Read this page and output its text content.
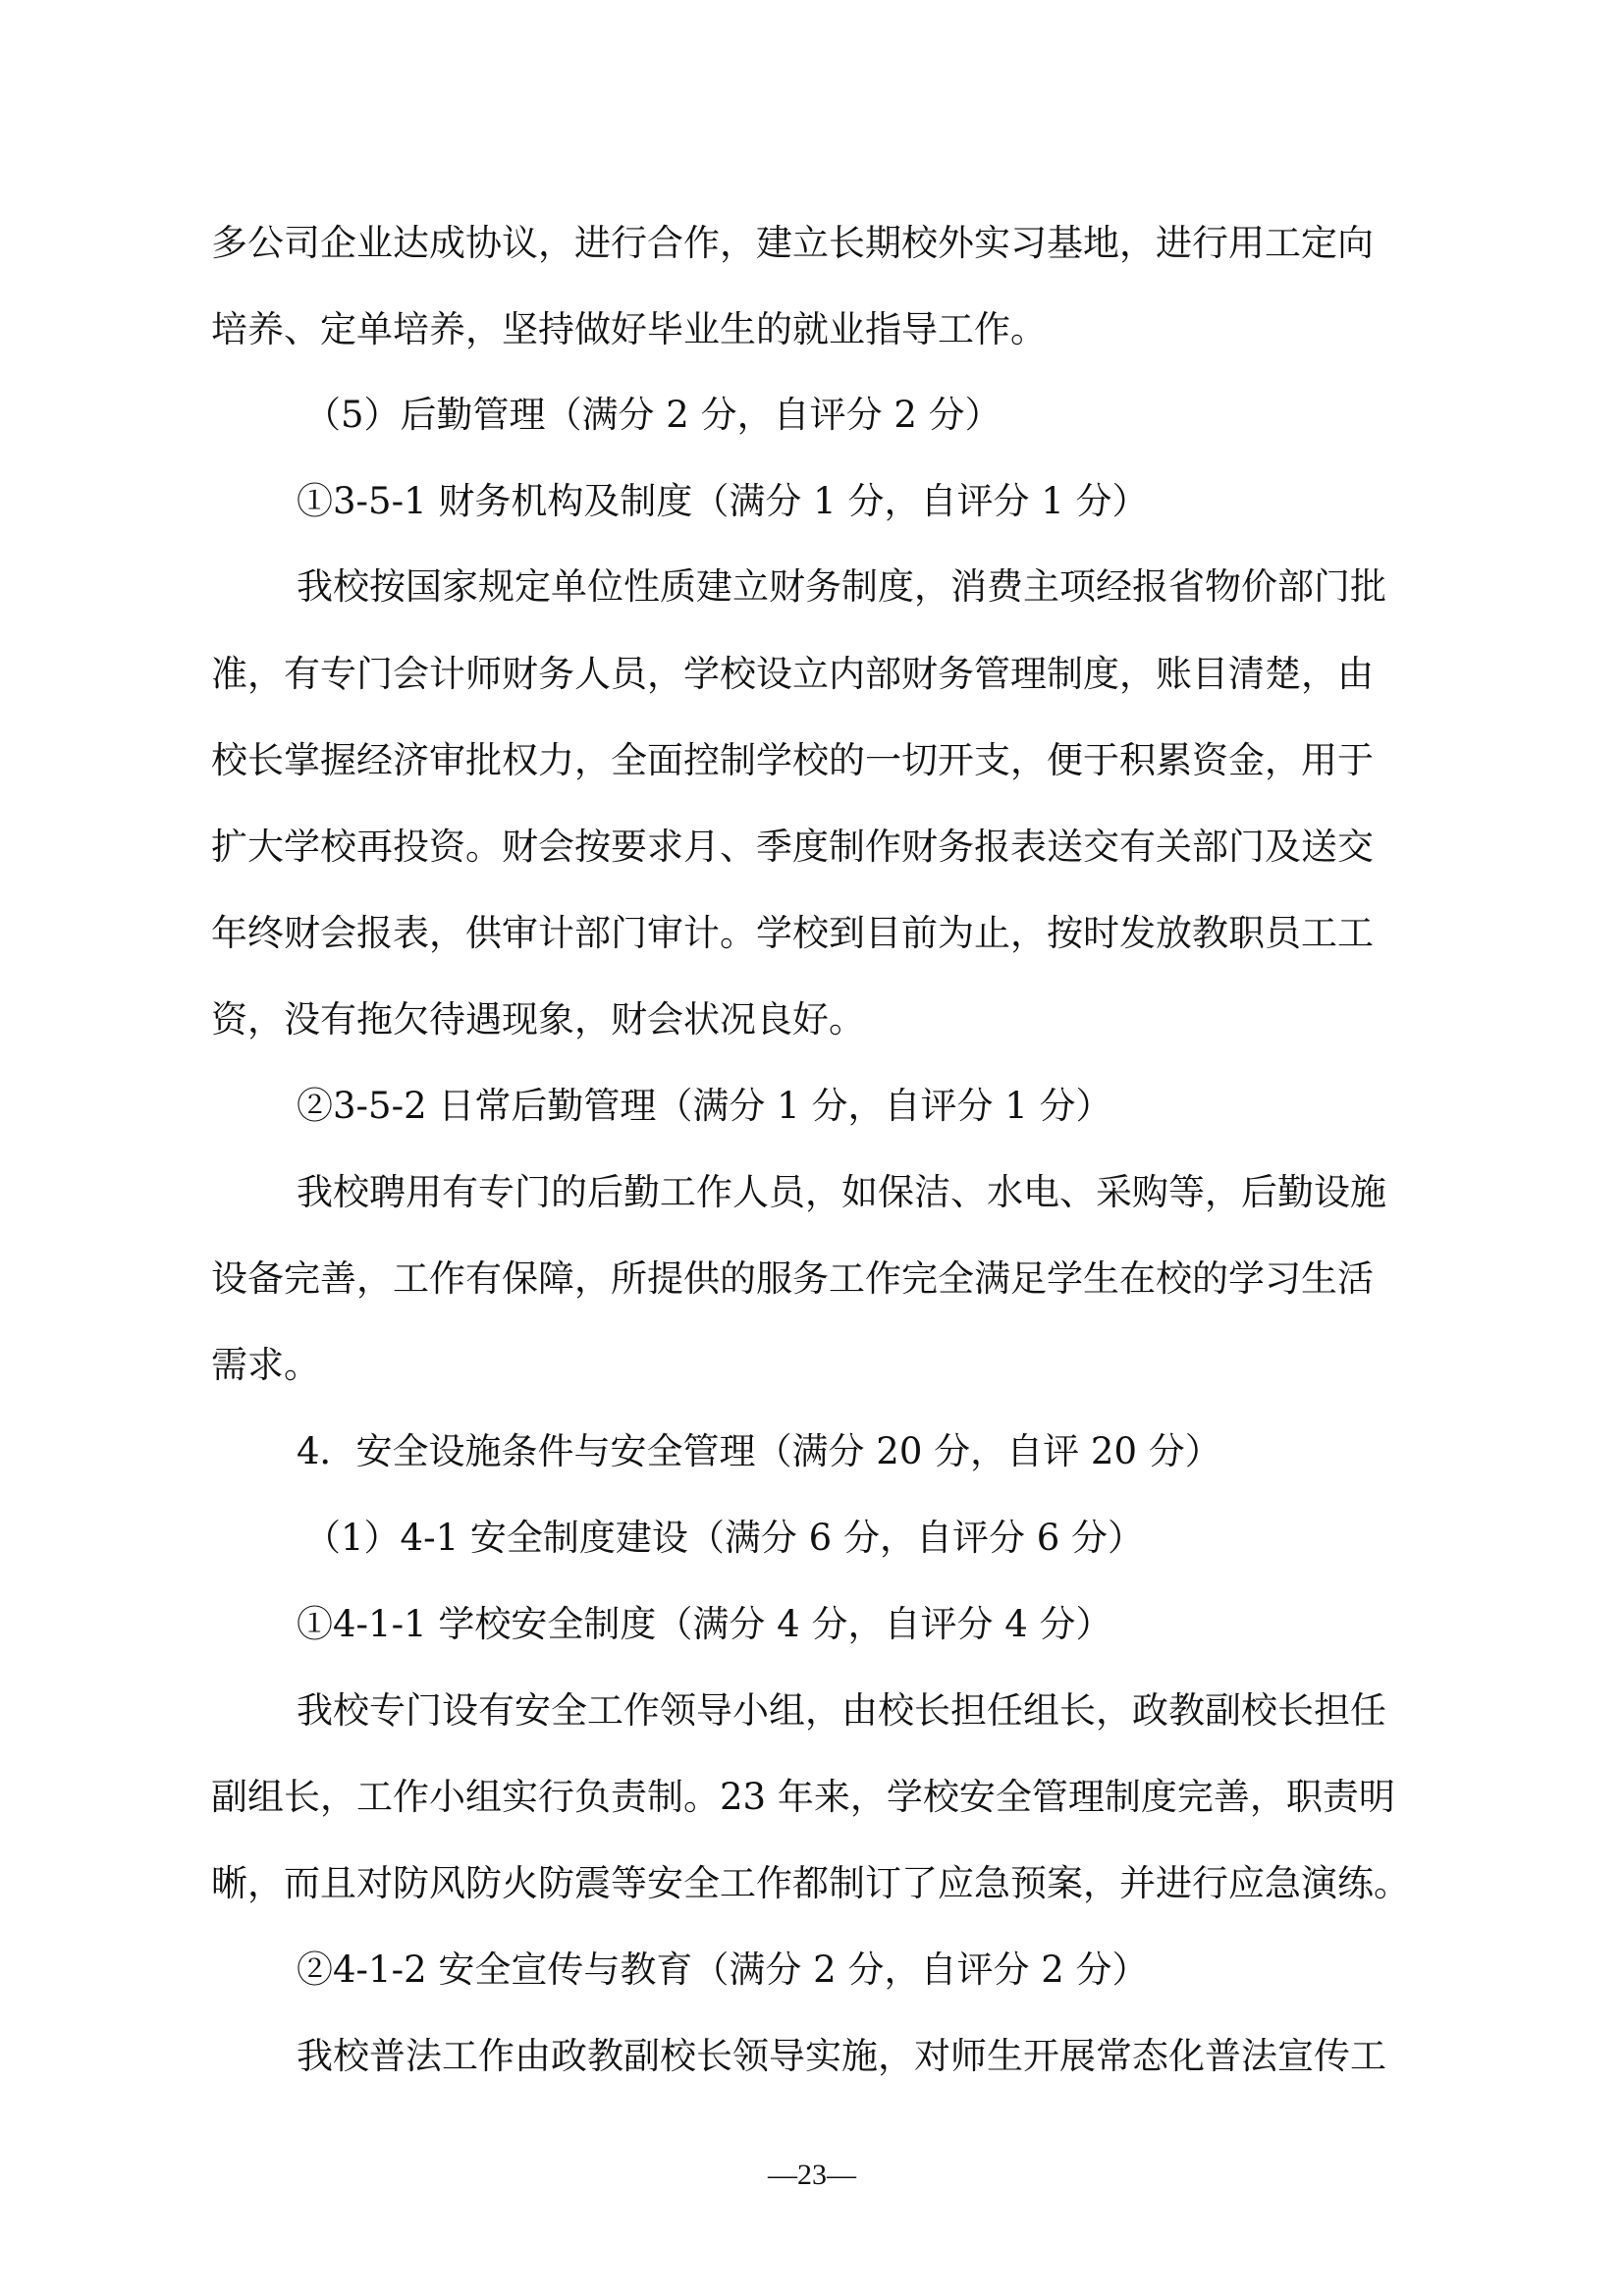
多公司企业达成协议，进行合作，建立长期校外实习基地，进行用工定向
培养、定单培养，坚持做好毕业生的就业指导工作。
（5）后勤管理（满分 2 分，自评分 2 分）
①3-5-1 财务机构及制度（满分 1 分，自评分 1 分）
我校按国家规定单位性质建立财务制度，消费主项经报省物价部门批
准，有专门会计师财务人员，学校设立内部财务管理制度，账目清楚，由
校长掌握经济审批权力，全面控制学校的一切开支，便于积累资金，用于
扩大学校再投资。财会按要求月、季度制作财务报表送交有关部门及送交
年终财会报表，供审计部门审计。学校到目前为止，按时发放教职员工工
资，没有拖欠待遇现象，财会状况良好。
②3-5-2 日常后勤管理（满分 1 分，自评分 1 分）
我校聘用有专门的后勤工作人员，如保洁、水电、采购等，后勤设施
设备完善，工作有保障，所提供的服务工作完全满足学生在校的学习生活
需求。
4．安全设施条件与安全管理（满分 20 分，自评 20 分）
（1）4-1 安全制度建设（满分 6 分，自评分 6 分）
①4-1-1 学校安全制度（满分 4 分，自评分 4 分）
我校专门设有安全工作领导小组，由校长担任组长，政教副校长担任
副组长，工作小组实行负责制。23 年来，学校安全管理制度完善，职责明
晰，而且对防风防火防震等安全工作都制订了应急预案，并进行应急演练。
②4-1-2 安全宣传与教育（满分 2 分，自评分 2 分）
我校普法工作由政教副校长领导实施，对师生开展常态化普法宣传工
—23—
